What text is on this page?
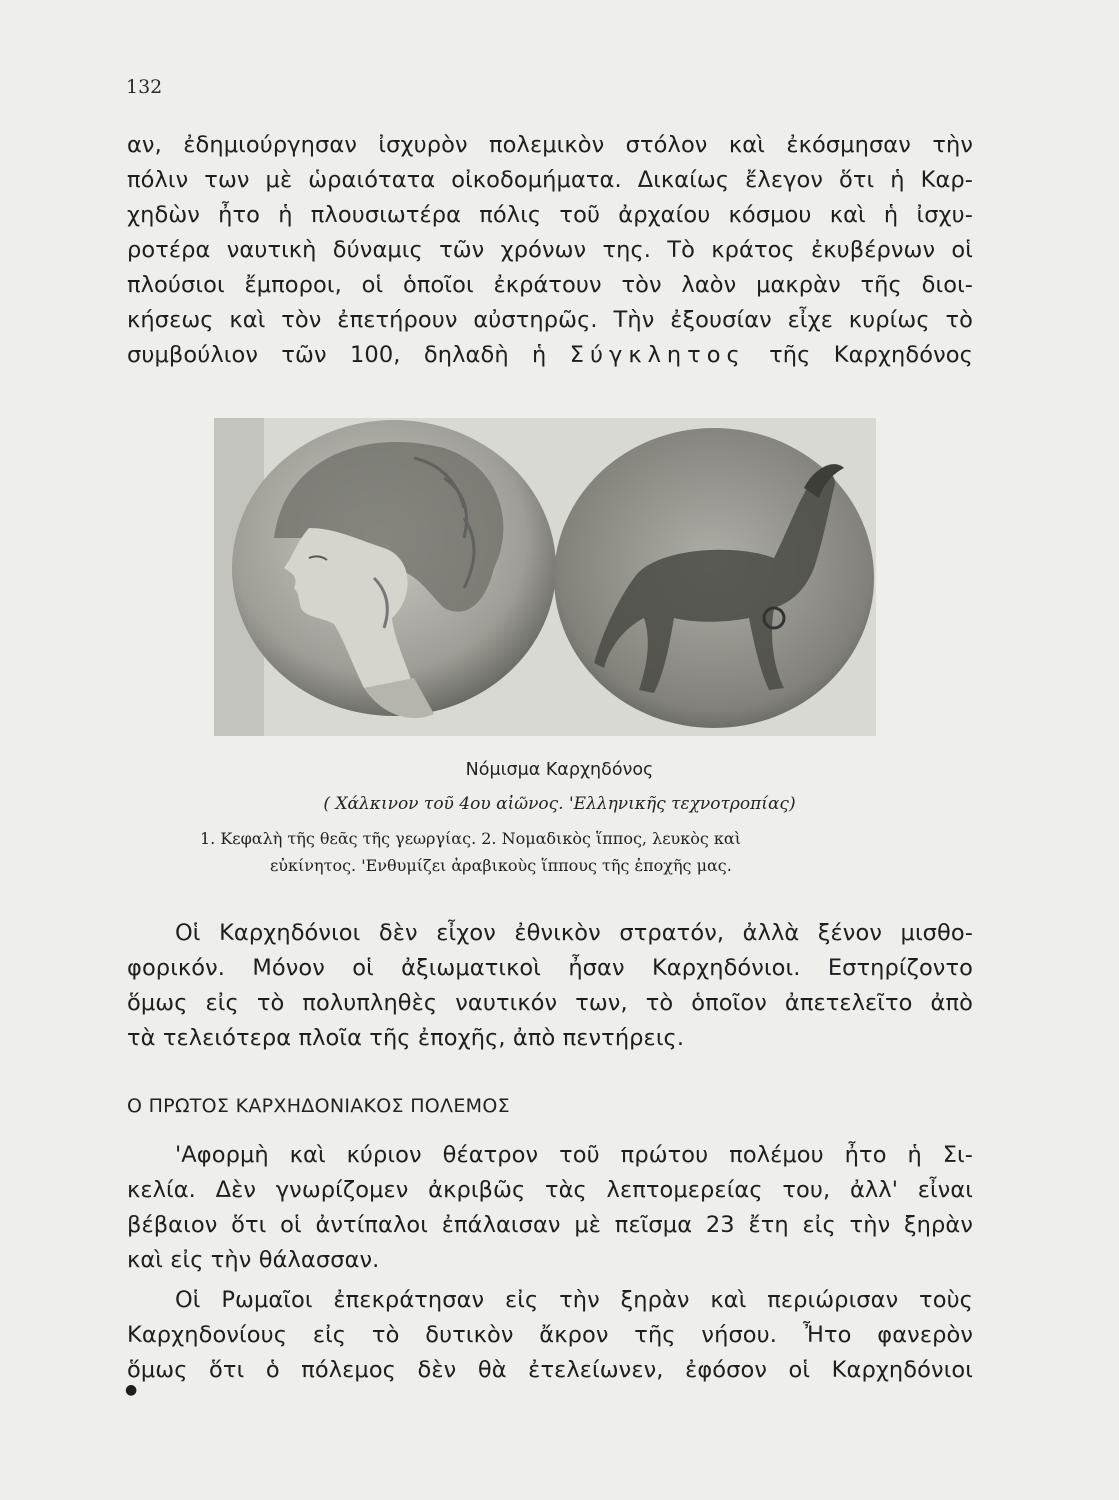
132
αν, ἐδημιούργησαν ἰσχυρὸν πολεμικὸν στόλον καὶ ἐκόσμησαν τὴν
πόλιν των μὲ ὡραιότατα οἰκοδομήματα. Δικαίως ἔλεγον ὅτι ἡ Καρ-
χηδὼν ἦτο ἡ πλουσιωτέρα πόλις τοῦ ἀρχαίου κόσμου καὶ ἡ ἰσχυ-
ροτέρα ναυτικὴ δύναμις τῶν χρόνων της. Τὸ κράτος ἐκυβέρνων οἱ
πλούσιοι ἔμποροι, οἱ ὁποῖοι ἐκράτουν τὸν λαὸν μακρὰν τῆς διοι-
κήσεως καὶ τὸν ἐπετήρουν αὐστηρῶς. Τὴν ἐξουσίαν εἶχε κυρίως τὸ
συμβούλιον τῶν 100, δηλαδὴ ἡ Σύγκλητος τῆς Καρχηδόνος
Νόμισμα Καρχηδόνος
( Χάλκινον τοῦ 4ου αἰῶνος. 'Ελληνικῆς τεχνοτροπίας)
1. Κεφαλὴ τῆς θεᾶς τῆς γεωργίας. 2. Νομαδικὸς ἵππος, λευκὸς καὶ
εὐκίνητος. 'Ενθυμίζει ἀραβικοὺς ἵππους τῆς ἐποχῆς μας.
Οἱ Καρχηδόνιοι δὲν εἶχον ἐθνικὸν στρατόν, ἀλλὰ ξένον μισθο-
φορικόν. Μόνον οἱ ἀξιωματικοὶ ἦσαν Καρχηδόνιοι. Εστηρίζοντο
ὅμως εἰς τὸ πολυπληθὲς ναυτικόν των, τὸ ὁποῖον ἀπετελεῖτο ἀπὸ
τὰ τελειότερα πλοῖα τῆς ἐποχῆς, ἀπὸ πεντήρεις.
Ο ΠΡΩΤΟΣ ΚΑΡΧΗΔΟΝΙΑΚΟΣ ΠΟΛΕΜΟΣ
'Αφορμὴ καὶ κύριον θέατρον τοῦ πρώτου πολέμου ἦτο ἡ Σι-
κελία. Δὲν γνωρίζομεν ἀκριβῶς τὰς λεπτομερείας του, ἀλλ' εἶναι
βέβαιον ὅτι οἱ ἀντίπαλοι ἐπάλαισαν μὲ πεῖσμα 23 ἔτη εἰς τὴν ξηρὰν
καὶ εἰς τὴν θάλασσαν.
Οἱ Ρωμαῖοι ἐπεκράτησαν εἰς τὴν ξηρὰν καὶ περιώρισαν τοὺς
Καρχηδονίους εἰς τὸ δυτικὸν ἄκρον τῆς νήσου. Ἦτο φανερὸν
ὅμως ὅτι ὁ πόλεμος δὲν θὰ ἐτελείωνεν, ἐφόσον οἱ Καρχηδόνιοι
●
